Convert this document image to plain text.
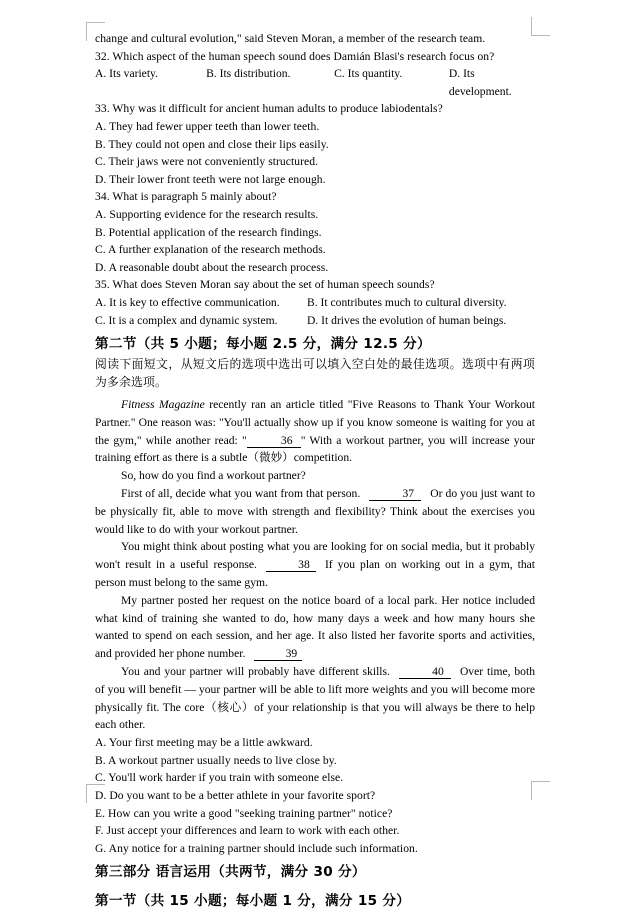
change and cultural evolution," said Steven Moran, a member of the research team.
32. Which aspect of the human speech sound does Damián Blasi's research focus on?
A. Its variety.	B. Its distribution.	C. Its quantity.	D. Its development.
33. Why was it difficult for ancient human adults to produce labiodentals?
A. They had fewer upper teeth than lower teeth.
B. They could not open and close their lips easily.
C. Their jaws were not conveniently structured.
D. Their lower front teeth were not large enough.
34. What is paragraph 5 mainly about?
A. Supporting evidence for the research results.
B. Potential application of the research findings.
C. A further explanation of the research methods.
D. A reasonable doubt about the research process.
35. What does Steven Moran say about the set of human speech sounds?
A. It is key to effective communication.	B. It contributes much to cultural diversity.
C. It is a complex and dynamic system.	D. It drives the evolution of human beings.
第二节（共 5 小题；每小题 2.5 分，满分 12.5 分）
阅读下面短文，从短文后的选项中选出可以填入空白处的最佳选项。选项中有两项为多余选项。

Fitness Magazine recently ran an article titled "Five Reasons to Thank Your Workout Partner." One reason was: "You'll actually show up if you know someone is waiting for you at the gym," while another read: "	36 " With a workout partner, you will increase your training effort as there is a subtle（微妙）competition.

So, how do you find a workout partner?

First of all, decide what you want from that person.	37 Or do you just want to be physically fit, able to move with strength and flexibility? Think about the exercises you would like to do with your workout partner.

You might think about posting what you are looking for on social media, but it probably won't result in a useful response.	38 If you plan on working out in a gym, that person must belong to the same gym.

My partner posted her request on the notice board of a local park. Her notice included what kind of training she wanted to do, how many days a week and how many hours she wanted to spend on each session, and her age. It also listed her favorite sports and activities, and provided her phone number.	39

You and your partner will probably have different skills.	40 Over time, both of you will benefit — your partner will be able to lift more weights and you will become more physically fit. The core（核心）of your relationship is that you will always be there to help each other.

A. Your first meeting may be a little awkward.
B. A workout partner usually needs to live close by.
C. You'll work harder if you train with someone else.
D. Do you want to be a better athlete in your favorite sport?
E. How can you write a good "seeking training partner" notice?
F. Just accept your differences and learn to work with each other.
G. Any notice for a training partner should include such information.
第三部分 语言运用（共两节，满分 30 分）
第一节（共 15 小题；每小题 1 分，满分 15 分）
